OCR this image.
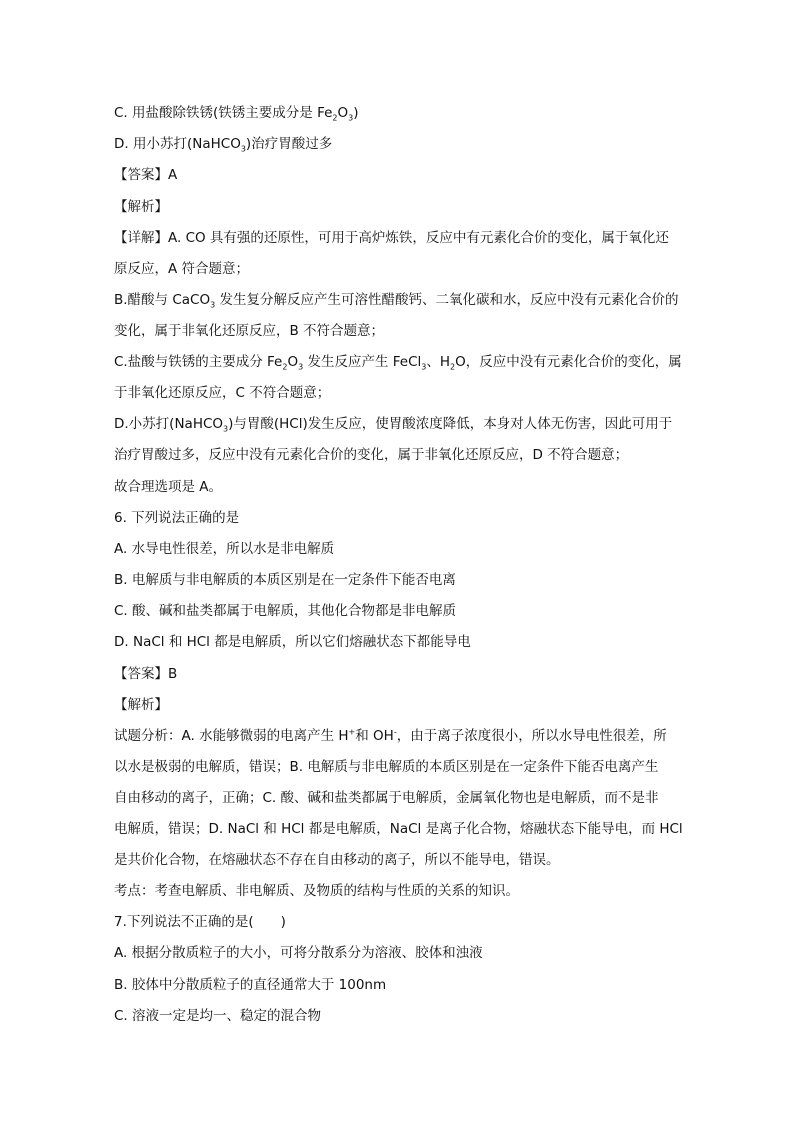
C. 用盐酸除铁锈(铁锈主要成分是 $Fe_2O_3$)
D. 用小苏打(NaHCO$_3$)治疗胃酸过多
【答案】A
【解析】
【详解】A. CO 具有强的还原性，可用于高炉炼铁，反应中有元素化合价的变化，属于氧化还
原反应，A 符合题意；
B.醋酸与 CaCO$_3$ 发生复分解反应产生可溶性醋酸钙、二氧化碳和水，反应中没有元素化合价的
变化，属于非氧化还原反应，B 不符合题意；
C.盐酸与铁锈的主要成分 $Fe_2O_3$ 发生反应产生 FeCl$_3$、$H_2O$，反应中没有元素化合价的变化，属
于非氧化还原反应，C 不符合题意；
D.小苏打(NaHCO$_3$)与胃酸(HCl)发生反应，使胃酸浓度降低，本身对人体无伤害，因此可用于
治疗胃酸过多，反应中没有元素化合价的变化，属于非氧化还原反应，D 不符合题意；
故合理选项是 A。
6. 下列说法正确的是
A. 水导电性很差，所以水是非电解质
B. 电解质与非电解质的本质区别是在一定条件下能否电离
C. 酸、碱和盐类都属于电解质，其他化合物都是非电解质
D. NaCl 和 HCl 都是电解质，所以它们熔融状态下都能导电
【答案】B
【解析】
试题分析：A. 水能够微弱的电离产生 H+和 OH-，由于离子浓度很小，所以水导电性很差，所
以水是极弱的电解质，错误；B. 电解质与非电解质的本质区别是在一定条件下能否电离产生
自由移动的离子，正确；C. 酸、碱和盐类都属于电解质，金属氧化物也是电解质，而不是非
电解质，错误；D. NaCl 和 HCl 都是电解质，NaCl 是离子化合物，熔融状态下能导电，而 HCl
是共价化合物，在熔融状态不存在自由移动的离子，所以不能导电，错误。
考点：考查电解质、非电解质、及物质的结构与性质的关系的知识。
7.下列说法不正确的是(　　)
A. 根据分散质粒子的大小，可将分散系分为溶液、胶体和浊液
B. 胶体中分散质粒子的直径通常大于 100nm
C. 溶液一定是均一、稳定的混合物
